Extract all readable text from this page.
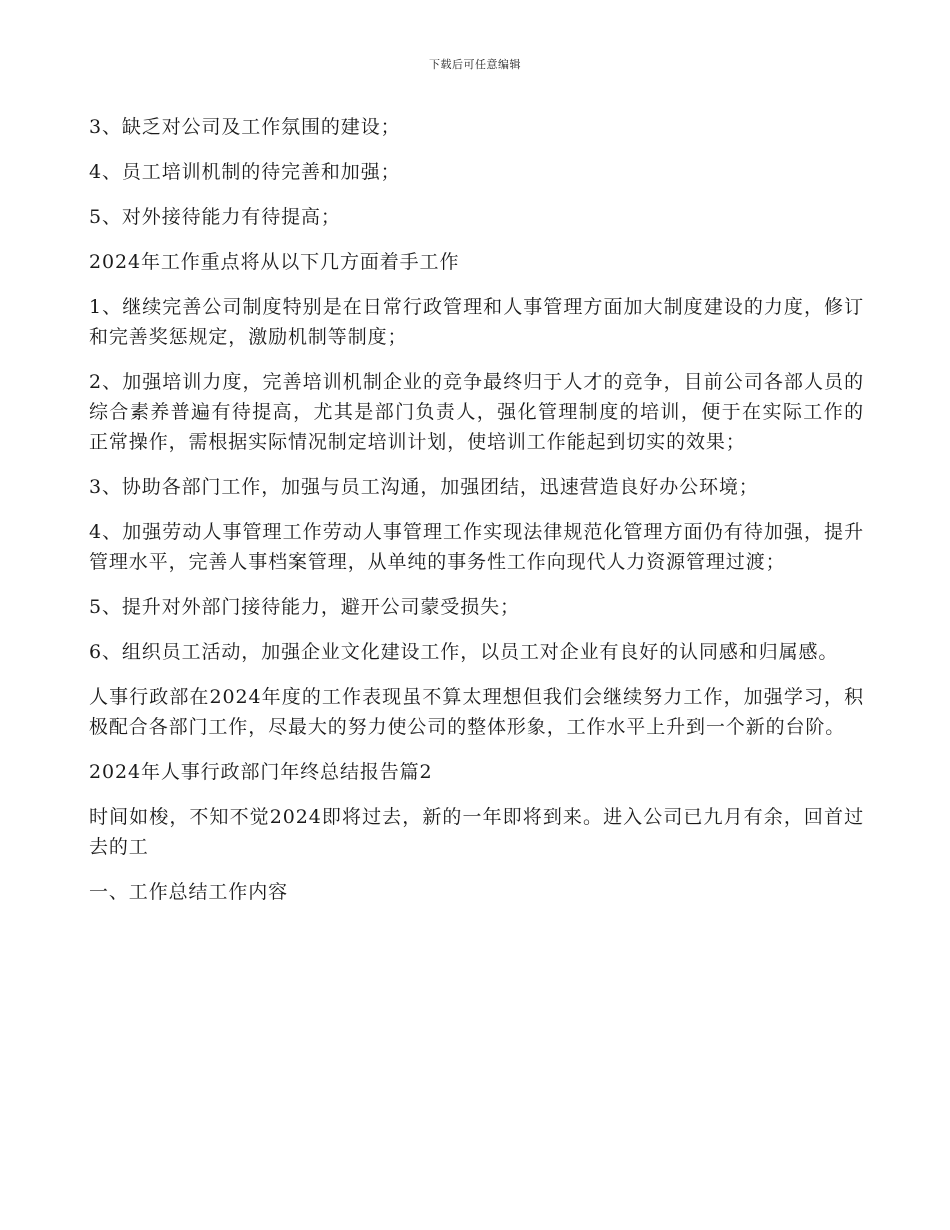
下载后可任意编辑

3、缺乏对公司及工作氛围的建设；

4、员工培训机制的待完善和加强；

5、对外接待能力有待提高；

2024年工作重点将从以下几方面着手工作

1、继续完善公司制度特别是在日常行政管理和人事管理方面加大制度建设的力度，修订和完善奖惩规定，激励机制等制度；

2、加强培训力度，完善培训机制企业的竞争最终归于人才的竞争，目前公司各部人员的综合素养普遍有待提高，尤其是部门负责人，强化管理制度的培训，便于在实际工作的正常操作，需根据实际情况制定培训计划，使培训工作能起到切实的效果；

3、协助各部门工作，加强与员工沟通，加强团结，迅速营造良好办公环境；

4、加强劳动人事管理工作劳动人事管理工作实现法律规范化管理方面仍有待加强，提升管理水平，完善人事档案管理，从单纯的事务性工作向现代人力资源管理过渡；

5、提升对外部门接待能力，避开公司蒙受损失；

6、组织员工活动，加强企业文化建设工作，以员工对企业有良好的认同感和归属感。

人事行政部在2024年度的工作表现虽不算太理想但我们会继续努力工作，加强学习，积极配合各部门工作，尽最大的努力使公司的整体形象，工作水平上升到一个新的台阶。

2024年人事行政部门年终总结报告篇2

时间如梭，不知不觉2024即将过去，新的一年即将到来。进入公司已九月有余，回首过去的工

一、工作总结工作内容
